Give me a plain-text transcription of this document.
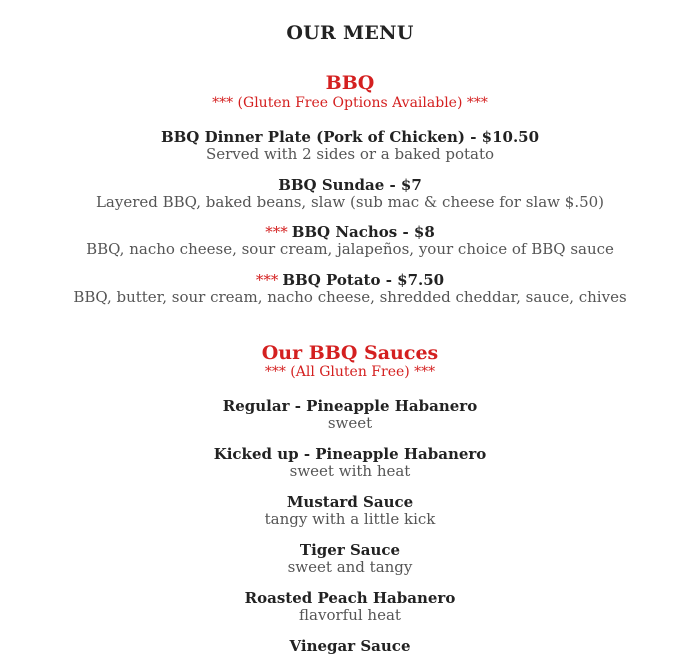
OUR MENU
BBQ
*** (Gluten Free Options Available) ***
BBQ Dinner Plate (Pork of Chicken) - $10.50
Served with 2 sides or a baked potato
BBQ Sundae - $7
Layered BBQ, baked beans, slaw (sub mac & cheese for slaw $.50)
*** BBQ Nachos - $8
BBQ, nacho cheese, sour cream, jalapeños, your choice of BBQ sauce
*** BBQ Potato - $7.50
BBQ, butter, sour cream, nacho cheese, shredded cheddar, sauce, chives
Our BBQ Sauces
*** (All Gluten Free) ***
Regular - Pineapple Habanero
sweet
Kicked up - Pineapple Habanero
sweet with heat
Mustard Sauce
tangy with a little kick
Tiger Sauce
sweet and tangy
Roasted Peach Habanero
flavorful heat
Vinegar Sauce
